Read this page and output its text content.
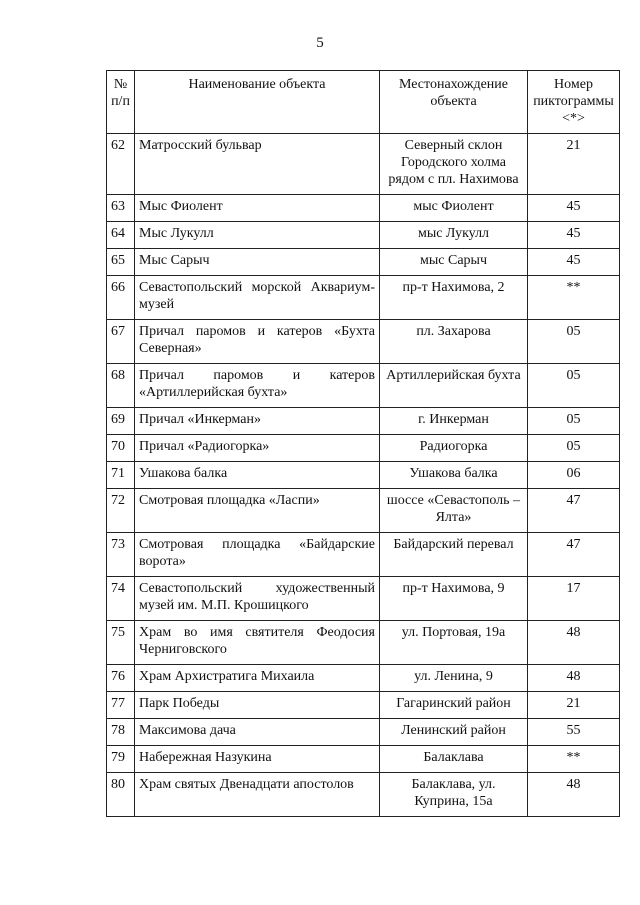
5
№ п/п	Наименование объекта	Местонахождение объекта	Номер пиктограммы <*>
62	Матросский бульвар	Северный склон Городского холма рядом с пл. Нахимова	21
63	Мыс Фиолент	мыс Фиолент	45
64	Мыс Лукулл	мыс Лукулл	45
65	Мыс Сарыч	мыс Сарыч	45
66	Севастопольский морской Аквариум-музей	пр-т Нахимова, 2	**
67	Причал паромов и катеров «Бухта Северная»	пл. Захарова	05
68	Причал паромов и катеров «Артиллерийская бухта»	Артиллерийская бухта	05
69	Причал «Инкерман»	г. Инкерман	05
70	Причал «Радиогорка»	Радиогорка	05
71	Ушакова балка	Ушакова балка	06
72	Смотровая площадка «Ласпи»	шоссе «Севастополь – Ялта»	47
73	Смотровая площадка «Байдарские ворота»	Байдарский перевал	47
74	Севастопольский художественный музей им. М.П. Крошицкого	пр-т Нахимова, 9	17
75	Храм во имя святителя Феодосия Черниговского	ул. Портовая, 19а	48
76	Храм Архистратига Михаила	ул. Ленина, 9	48
77	Парк Победы	Гагаринский район	21
78	Максимова дача	Ленинский район	55
79	Набережная Назукина	Балаклава	**
80	Храм святых Двенадцати апостолов	Балаклава, ул. Куприна, 15а	48
